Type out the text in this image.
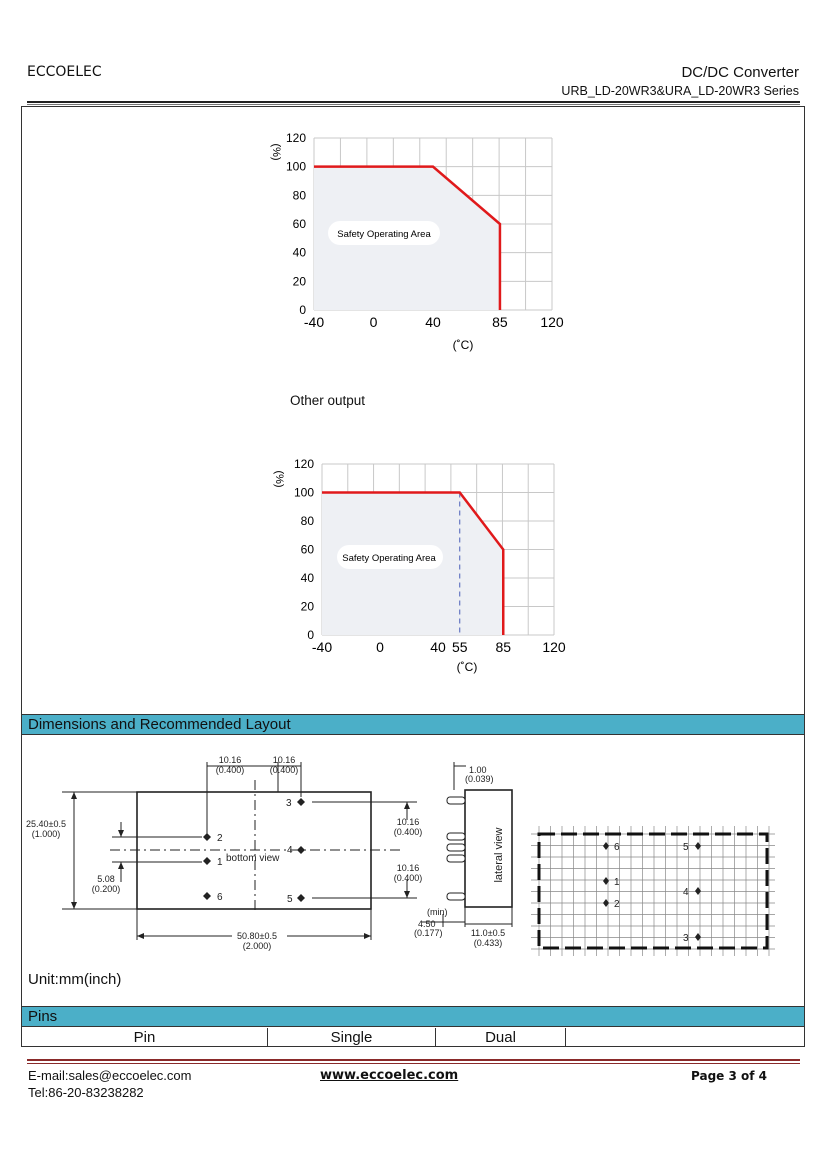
ECCOELEC	DC/DC Converter
URB_LD-20WR3&URA_LD-20WR3 Series
Dimensions and Recommended Layout
Pins
Safety Operating Area
(%)
120
100
80
60
40
20
0
-40	0	40	85 120
(˚C)
Other output
Safety Operating Area
(%)
120
100
80
60
40
20
0
-40	0	40 55 85 120
(˚C)
2
1
6
3
4
5
bottom view
10.16
(0.400)
10.16
(0.400)
25.40±0.5
(1.000)
5.08
(0.200)
10.16
(0.400)
10.16
(0.400)
50.80±0.5
(2.000)
lateral view
1.00
(0.039)
(min)
4.50
(0.177)	11.0±0.5
(0.433)
6
1
2
5
4
3
Unit:mm(inch)
Pin	Single	Dual
E-mail:sales@eccoelec.com
Tel:86-20-83238282
www.eccoelec.com	Page 3 of 4
